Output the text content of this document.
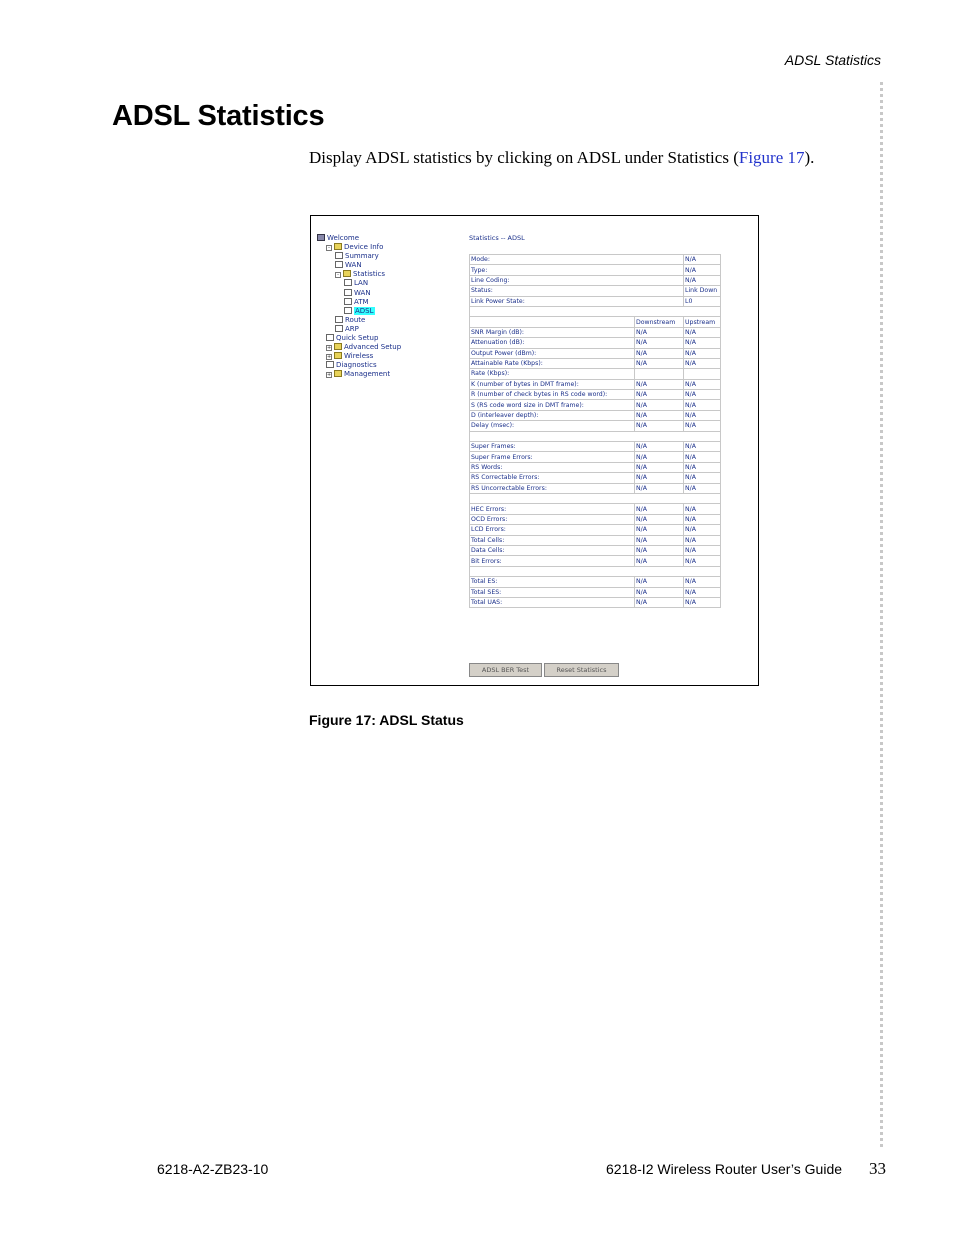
ADSL Statistics
ADSL Statistics

Display ADSL statistics by clicking on ADSL under Statistics (Figure 17).

Welcome
- Device Info
Summary
WAN
- Statistics
LAN
WAN
ATM
ADSL
Route
ARP
Quick Setup
+ Advanced Setup
+ Wireless
Diagnostics
+ Management
Statistics -- ADSL
Mode:		N/A
Type:		N/A
Line Coding:		N/A
Status:		Link Down
Link Power State:		L0

	Downstream	Upstream
SNR Margin (dB):	N/A	N/A
Attenuation (dB):	N/A	N/A
Output Power (dBm):	N/A	N/A
Attainable Rate (Kbps):	N/A	N/A
Rate (Kbps):		
K (number of bytes in DMT frame):	N/A	N/A
R (number of check bytes in RS code word):	N/A	N/A
S (RS code word size in DMT frame):	N/A	N/A
D (interleaver depth):	N/A	N/A
Delay (msec):	N/A	N/A

Super Frames:	N/A	N/A
Super Frame Errors:	N/A	N/A
RS Words:	N/A	N/A
RS Correctable Errors:	N/A	N/A
RS Uncorrectable Errors:	N/A	N/A

HEC Errors:	N/A	N/A
OCD Errors:	N/A	N/A
LCD Errors:	N/A	N/A
Total Cells:	N/A	N/A
Data Cells:	N/A	N/A
Bit Errors:	N/A	N/A

Total ES:	N/A	N/A
Total SES:	N/A	N/A
Total UAS:	N/A	N/A
ADSL BER Test	Reset Statistics
Figure 17: ADSL Status
6218-A2-ZB23-10	6218-I2 Wireless Router User’s Guide 33
